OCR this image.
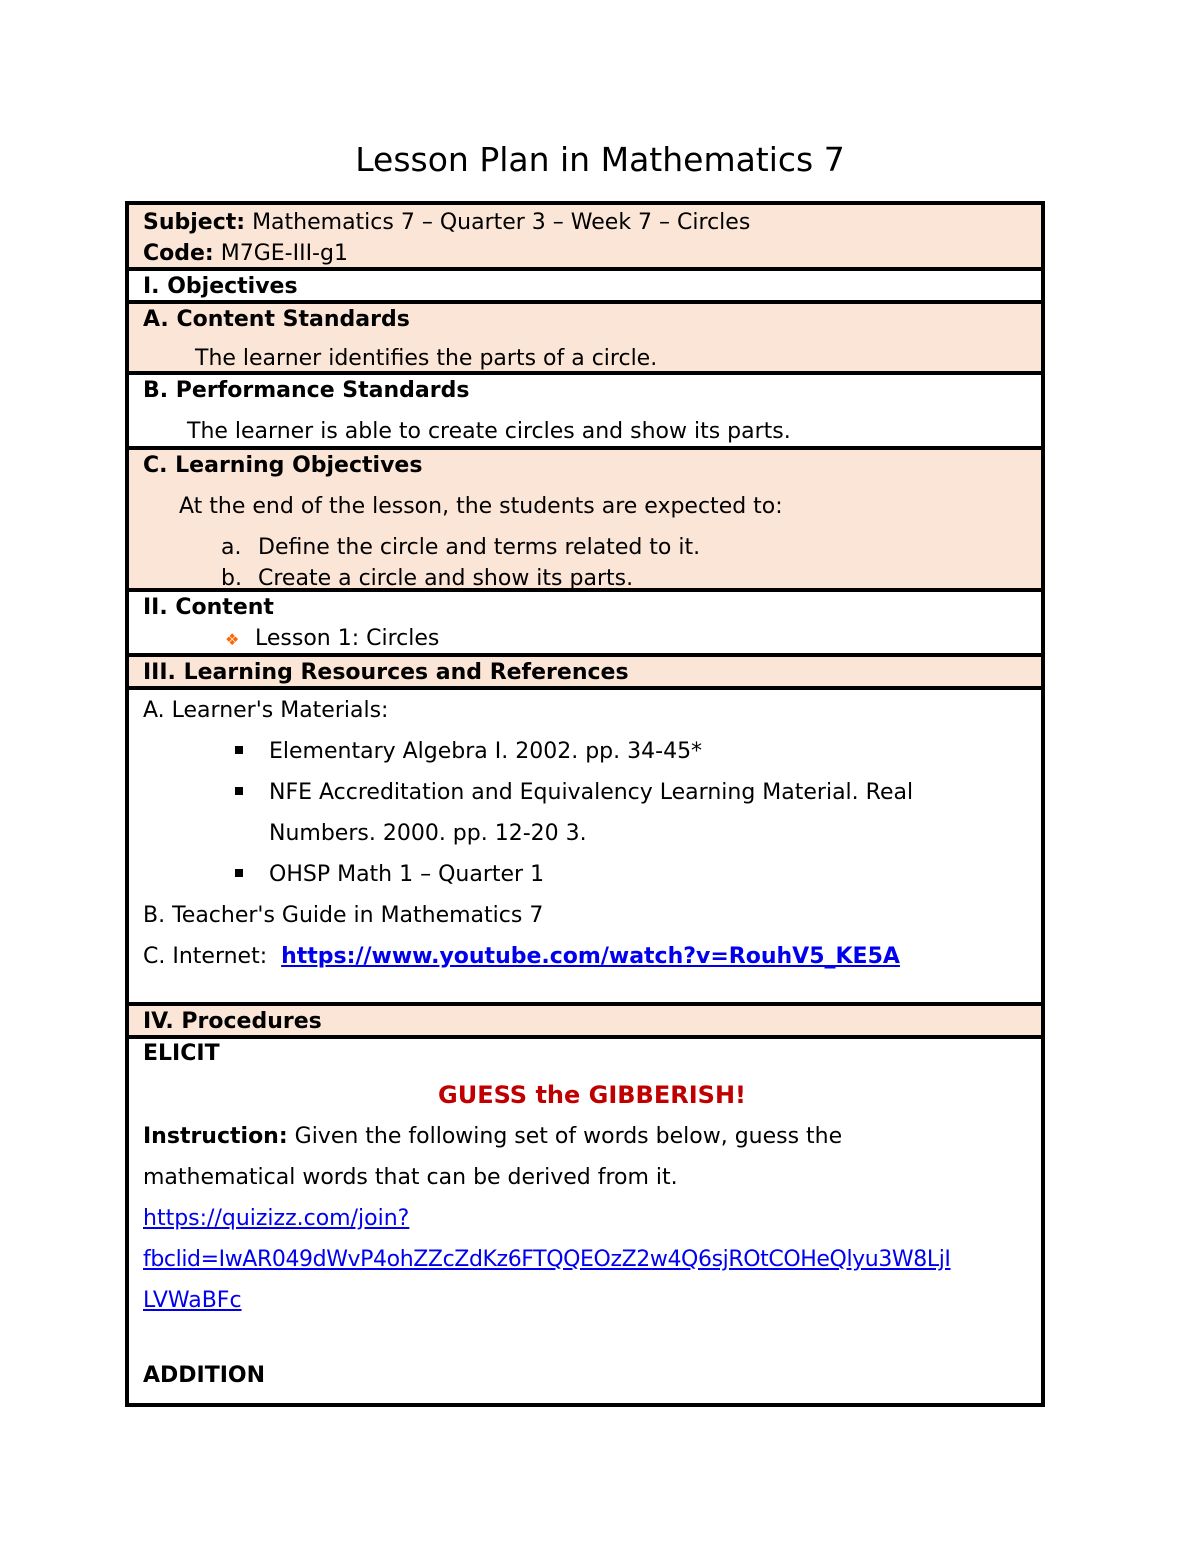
Lesson Plan in Mathematics 7
Subject: Mathematics 7 – Quarter 3 – Week 7 – Circles
Code: M7GE-III-g1
I. Objectives
A. Content Standards
The learner identifies the parts of a circle.
B. Performance Standards
The learner is able to create circles and show its parts.
C. Learning Objectives
At the end of the lesson, the students are expected to:
a. Define the circle and terms related to it.
b. Create a circle and show its parts.
II. Content
❖ Lesson 1: Circles
III. Learning Resources and References
A. Learner's Materials:
Elementary Algebra I. 2002. pp. 34-45*
NFE Accreditation and Equivalency Learning Material. Real
Numbers. 2000. pp. 12-20 3.
OHSP Math 1 – Quarter 1
B. Teacher's Guide in Mathematics 7
C. Internet:  https://www.youtube.com/watch?v=RouhV5_KE5A
IV. Procedures
ELICIT
GUESS the GIBBERISH!
Instruction: Given the following set of words below, guess the
mathematical words that can be derived from it.
https://quizizz.com/join?
fbclid=IwAR049dWvP4ohZZcZdKz6FTQQEOzZ2w4Q6sjROtCOHeQlyu3W8LjI
LVWaBFc
ADDITION
